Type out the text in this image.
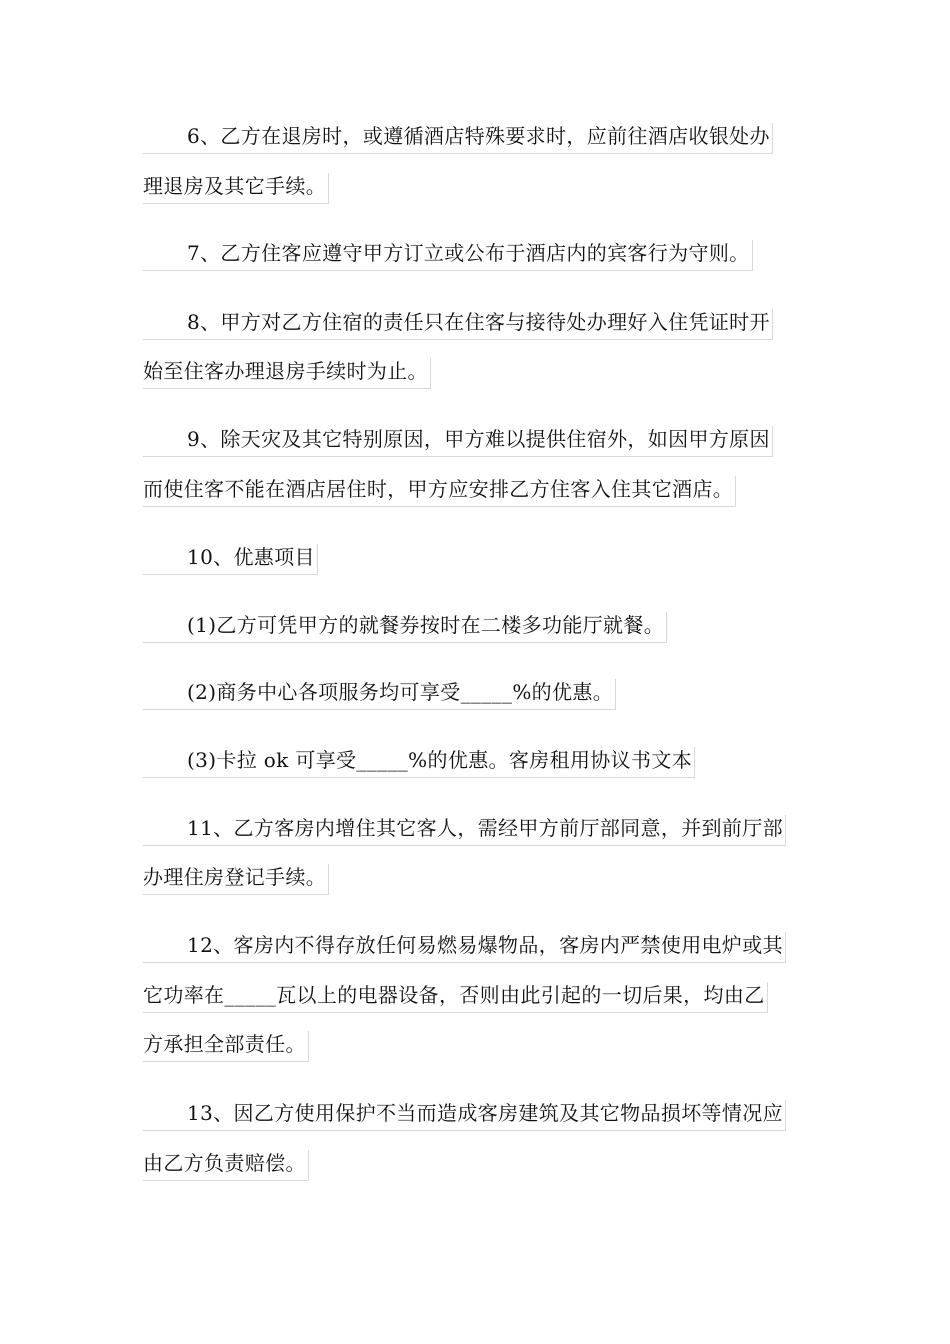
6、乙方在退房时，或遵循酒店特殊要求时，应前往酒店收银处办
理退房及其它手续。
7、乙方住客应遵守甲方订立或公布于酒店内的宾客行为守则。
8、甲方对乙方住宿的责任只在住客与接待处办理好入住凭证时开
始至住客办理退房手续时为止。
9、除天灾及其它特别原因，甲方难以提供住宿外，如因甲方原因
而使住客不能在酒店居住时，甲方应安排乙方住客入住其它酒店。
10、优惠项目
(1)乙方可凭甲方的就餐券按时在二楼多功能厅就餐。
(2)商务中心各项服务均可享受_____%的优惠。
(3)卡拉 ok 可享受_____%的优惠。客房租用协议书文本
11、乙方客房内增住其它客人，需经甲方前厅部同意，并到前厅部
办理住房登记手续。
12、客房内不得存放任何易燃易爆物品，客房内严禁使用电炉或其
它功率在_____瓦以上的电器设备，否则由此引起的一切后果，均由乙
方承担全部责任。
13、因乙方使用保护不当而造成客房建筑及其它物品损坏等情况应
由乙方负责赔偿。
